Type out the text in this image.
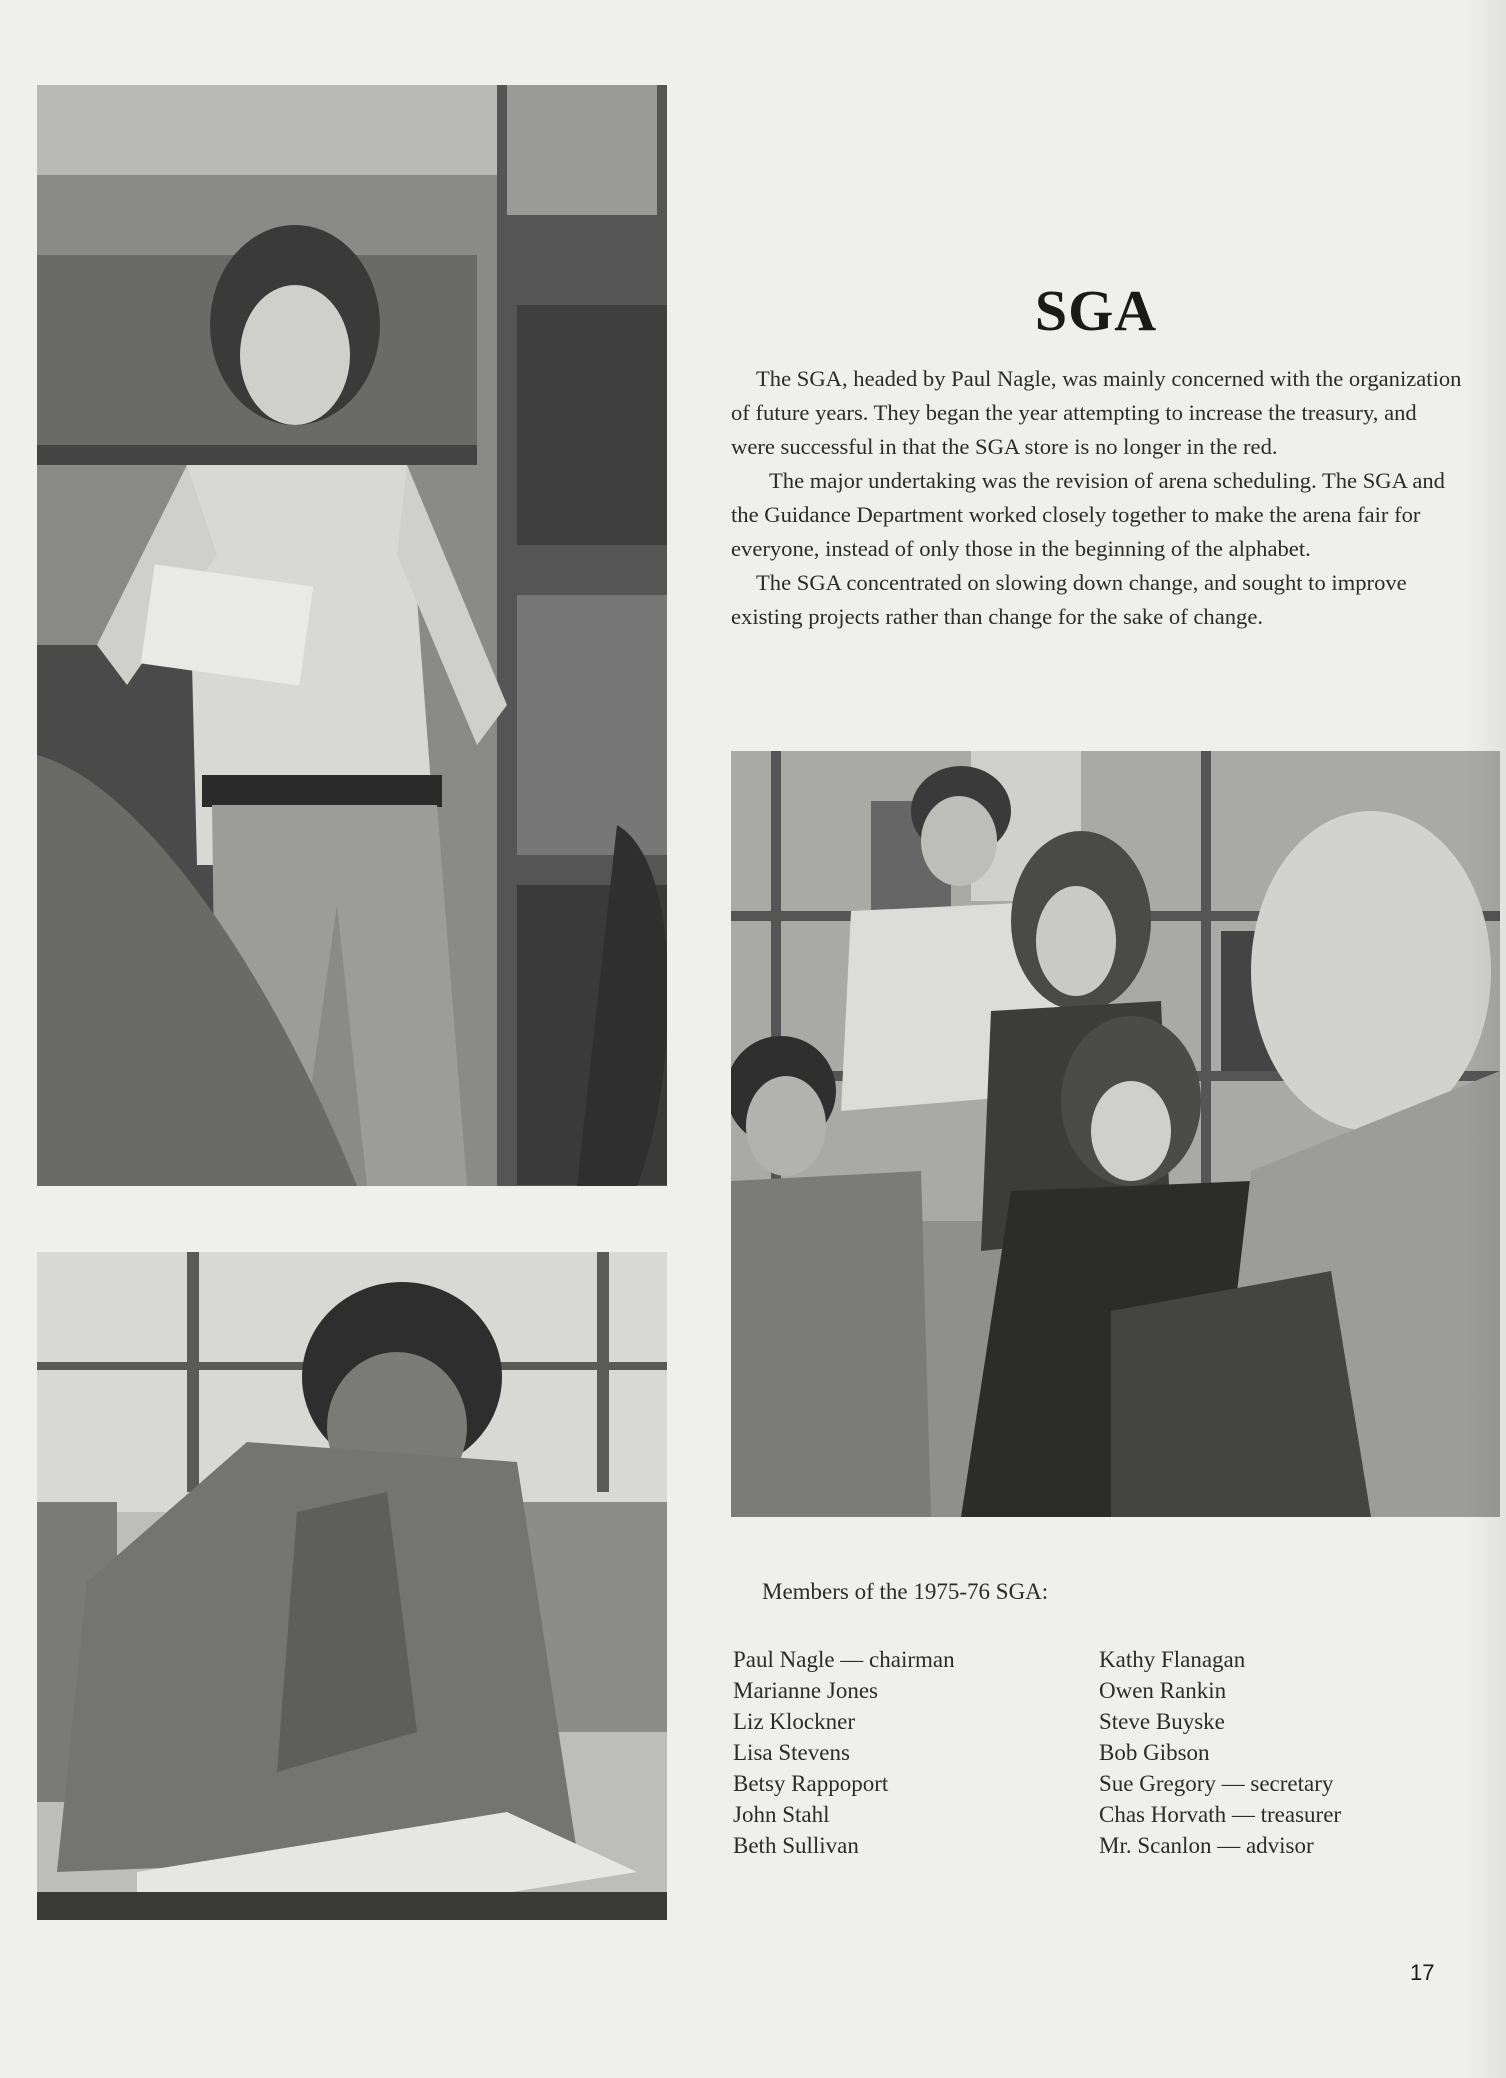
SGA

The SGA, headed by Paul Nagle, was mainly concerned with the organization of future years. They began the year attempting to increase the treasury, and were successful in that the SGA store is no longer in the red.

The major undertaking was the revision of arena scheduling. The SGA and the Guidance Department worked closely together to make the arena fair for everyone, instead of only those in the beginning of the alphabet.

The SGA concentrated on slowing down change, and sought to improve existing projects rather than change for the sake of change.

Members of the 1975-76 SGA:
Paul Nagle — chairman
Marianne Jones
Liz Klockner
Lisa Stevens
Betsy Rappoport
John Stahl
Beth Sullivan
Kathy Flanagan
Owen Rankin
Steve Buyske
Bob Gibson
Sue Gregory — secretary
Chas Horvath — treasurer
Mr. Scanlon — advisor
17
